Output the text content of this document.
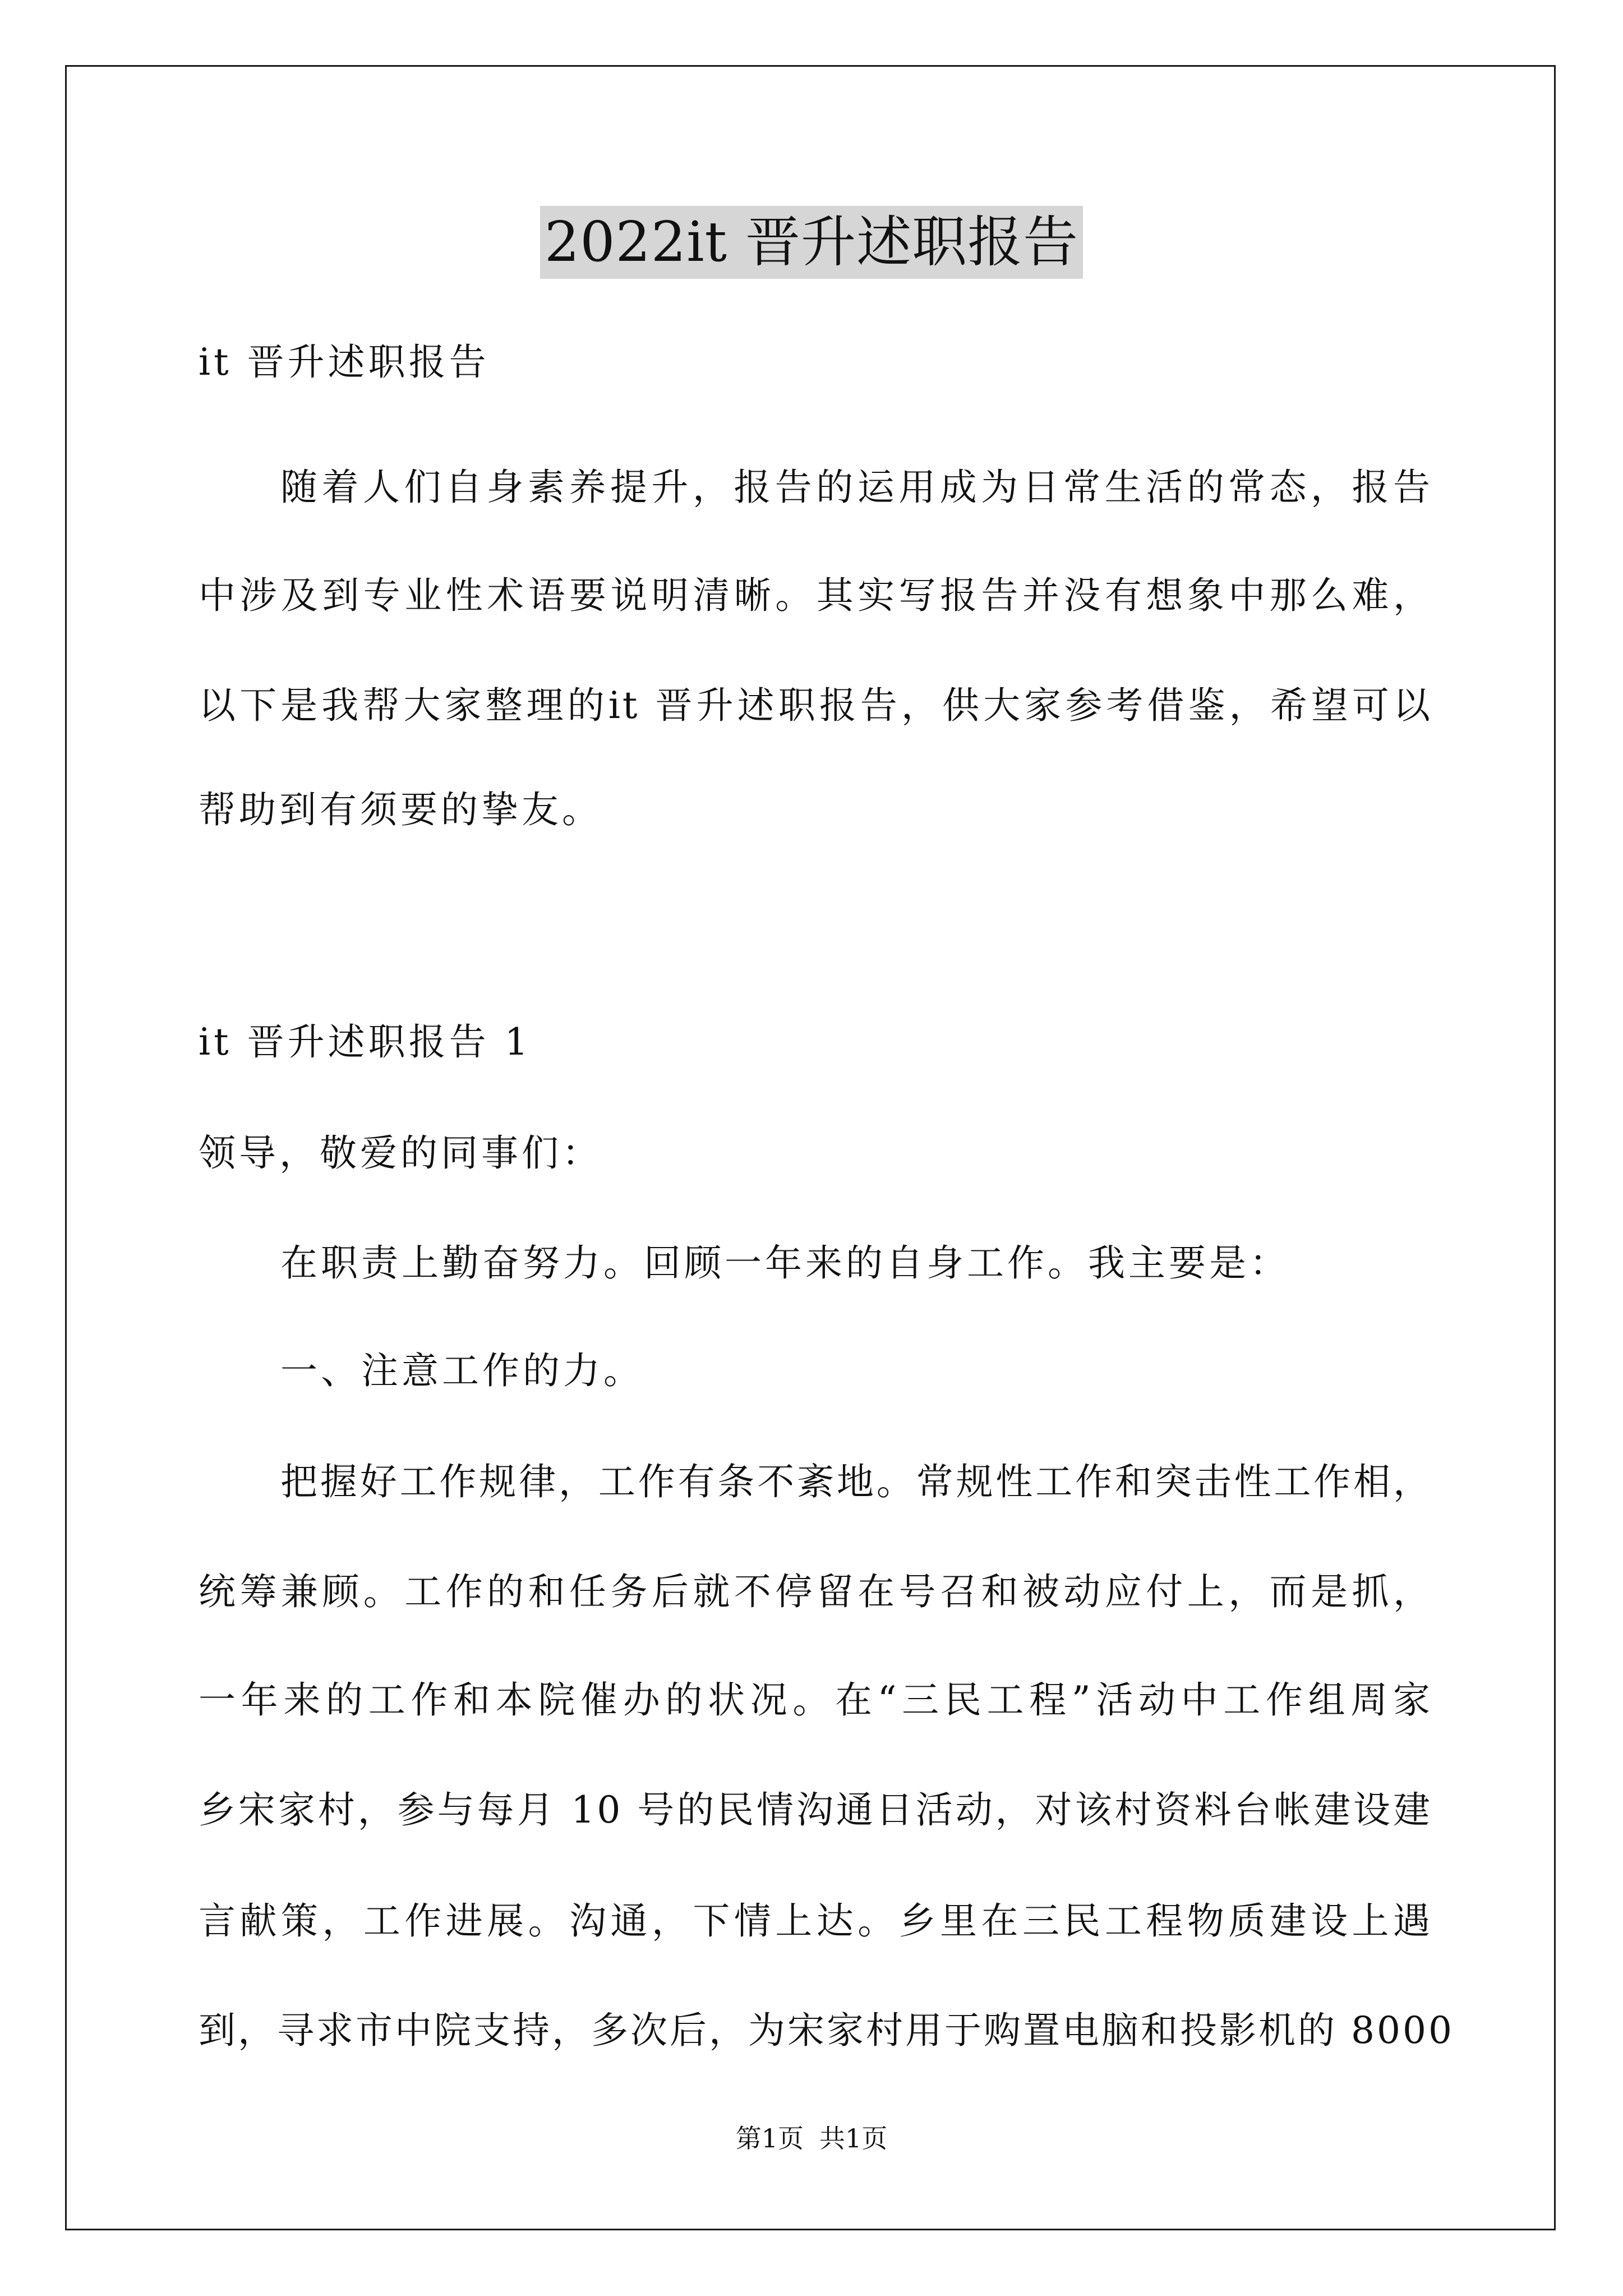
2022it 晋升述职报告
it 晋升述职报告
随着人们自身素养提升，报告的运用成为日常生活的常态，报告
中涉及到专业性术语要说明清晰。其实写报告并没有想象中那么难，
以下是我帮大家整理的it 晋升述职报告，供大家参考借鉴，希望可以
帮助到有须要的挚友。
it 晋升述职报告 1
领导，敬爱的同事们：
在职责上勤奋努力。回顾一年来的自身工作。我主要是：
一、注意工作的力。
把握好工作规律，工作有条不紊地。常规性工作和突击性工作相，
统筹兼顾。工作的和任务后就不停留在号召和被动应付上，而是抓，
一年来的工作和本院催办的状况。在“三民工程”活动中工作组周家
乡宋家村，参与每月 10 号的民情沟通日活动，对该村资料台帐建设建
言献策，工作进展。沟通，下情上达。乡里在三民工程物质建设上遇
到，寻求市中院支持，多次后，为宋家村用于购置电脑和投影机的 8000
第1页 共1页
